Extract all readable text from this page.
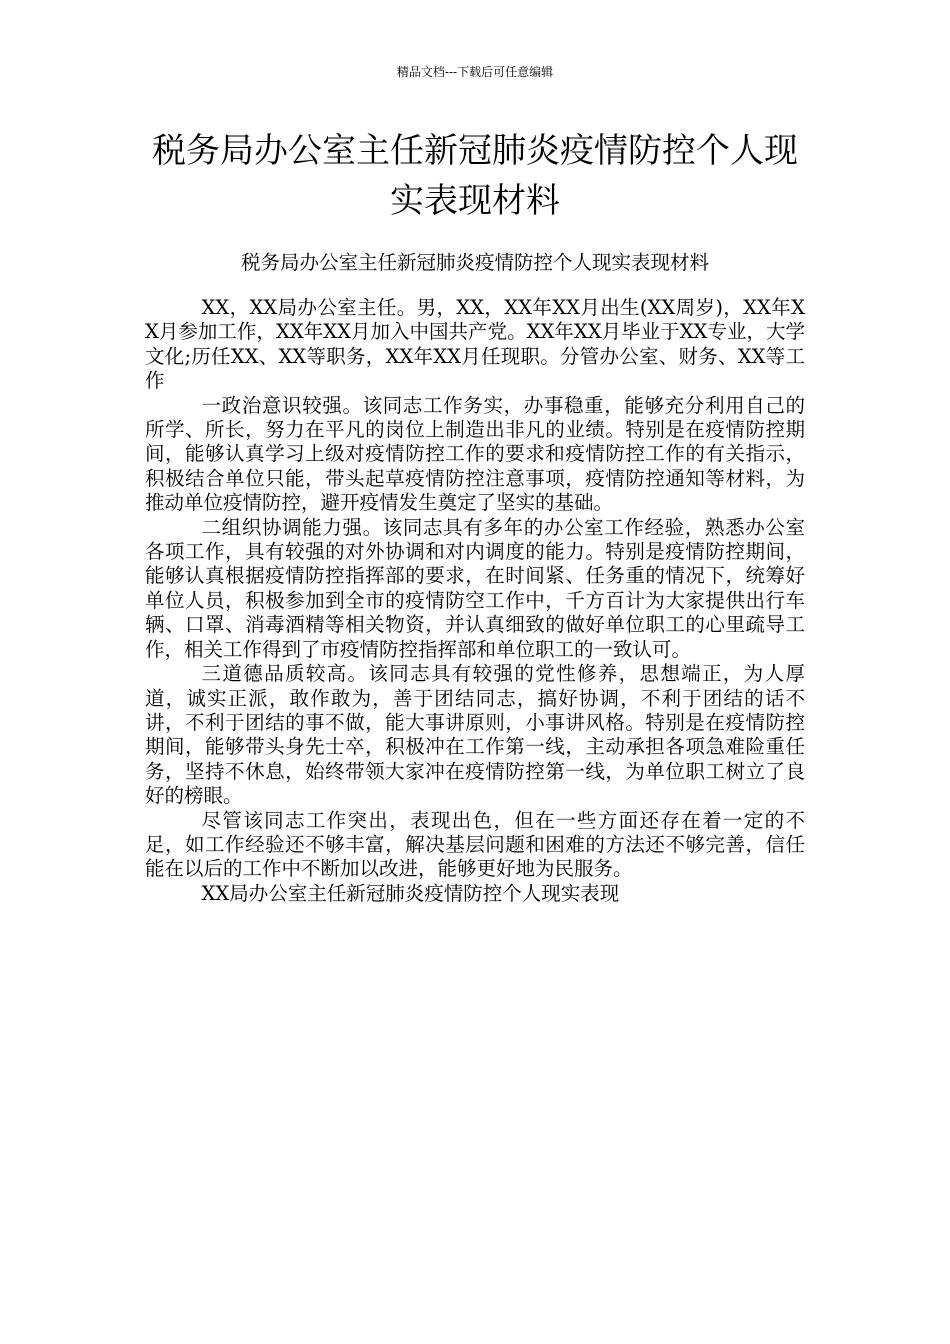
精品文档---下载后可任意编辑
税务局办公室主任新冠肺炎疫情防控个人现实表现材料

税务局办公室主任新冠肺炎疫情防控个人现实表现材料

XX，XX局办公室主任。男，XX，XX年XX月出生(XX周岁)，XX年XX月参加工作，XX年XX月加入中国共产党。XX年XX月毕业于XX专业，大学文化;历任XX、XX等职务，XX年XX月任现职。分管办公室、财务、XX等工作

一政治意识较强。该同志工作务实，办事稳重，能够充分利用自己的所学、所长，努力在平凡的岗位上制造出非凡的业绩。特别是在疫情防控期间，能够认真学习上级对疫情防控工作的要求和疫情防控工作的有关指示，积极结合单位只能，带头起草疫情防控注意事项，疫情防控通知等材料，为推动单位疫情防控，避开疫情发生奠定了坚实的基础。

二组织协调能力强。该同志具有多年的办公室工作经验，熟悉办公室各项工作，具有较强的对外协调和对内调度的能力。特别是疫情防控期间，能够认真根据疫情防控指挥部的要求，在时间紧、任务重的情况下，统筹好单位人员，积极参加到全市的疫情防空工作中，千方百计为大家提供出行车辆、口罩、消毒酒精等相关物资，并认真细致的做好单位职工的心里疏导工作，相关工作得到了市疫情防控指挥部和单位职工的一致认可。

三道德品质较高。该同志具有较强的党性修养，思想端正，为人厚道，诚实正派，敢作敢为，善于团结同志，搞好协调，不利于团结的话不讲，不利于团结的事不做，能大事讲原则，小事讲风格。特别是在疫情防控期间，能够带头身先士卒，积极冲在工作第一线，主动承担各项急难险重任务，坚持不休息，始终带领大家冲在疫情防控第一线，为单位职工树立了良好的榜眼。

尽管该同志工作突出，表现出色，但在一些方面还存在着一定的不足，如工作经验还不够丰富，解决基层问题和困难的方法还不够完善，信任能在以后的工作中不断加以改进，能够更好地为民服务。

XX局办公室主任新冠肺炎疫情防控个人现实表现
